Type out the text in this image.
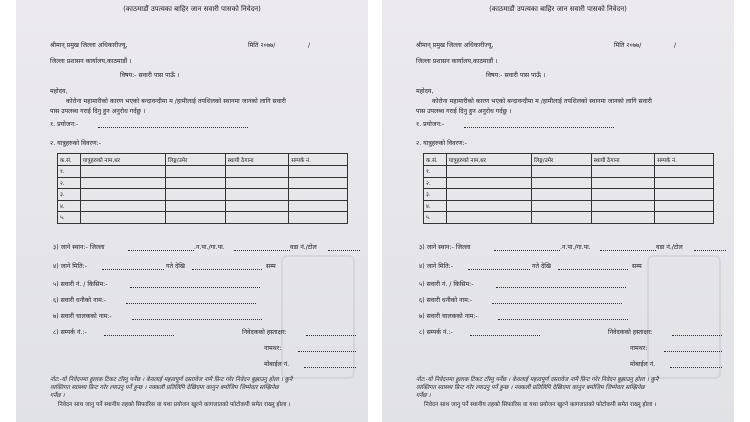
(काठमाडौं उपत्यका बाहिर जान सवारी पासको निवेदन)
श्रीमान् प्रमुख जिल्ला अधिकारीज्यू,	मिति २०७७/	/
जिल्ला प्रशासन कार्यालय,काठमाडौं ।
विषय:- सवारी पास पाऊँ ।
महोदय,
कोरोना महामारीको कारण भएको बन्दावन्दीमा म /हामीलाई तपशिलको स्थानमा जानको लागि सवारी
पास उपलब्ध गराई दिनु हुन अनुरोध गर्दछु ।
१. प्रयोजन:-
२. यात्रुहरुको विवरण:-
क.सं.	यात्रुहरुको नाम,थर	लिङ्ग/उमेर	स्थायी ठेगाना	सम्पर्क नं.
१.				
२.				
३.				
४.				
५.				
३) जाने स्थान:- जिल्ला	.न.पा./गा.पा.	वडा नं./टोल
४) जाने मिति:-	गते देखि	सम्म
५) सवारी नं. / किसिम:-
६) सवारी धनीको नाम:-
७) सवारी चालकको नाम:-
८) सम्पर्क नं.:-	निवेदकको हस्ताक्षर:
नामथर:
मोबाईल नं.
नोट:-यो निवेदनमा हुलाक टिकट टाँस्नु पर्नेछ । केवलाई महत्वपूर्ण दस्तावेज नामै प्रिन्ट गरेर निवेदन बुझाउनु होला । कुनै
व्यक्तिगत स्वास्थ्य प्रिन्ट गरेर ल्याउनु पर्ने हुन्छ । नक्कली प्रतिलिपि देखिएमा कानुन बमोजिम जिम्मेवार सम्झिनेछ
गर्नेछ ।
निवेदन साथ जानु पर्ने स्थानीय तहको सिफारिस वा यथा प्रयोजन खुल्ने कागजातको फोटोकपी समेत राख्नु होला ।
(काठमाडौं उपत्यका बाहिर जान सवारी पासको निवेदन)
श्रीमान् प्रमुख जिल्ला अधिकारीज्यू,	मिति २०७७/	/
जिल्ला प्रशासन कार्यालय,काठमाडौं ।
विषय:- सवारी पास पाऊँ ।
महोदय,
कोरोना महामारीको कारण भएको बन्दावन्दीमा म /हामीलाई तपशिलको स्थानमा जानको लागि सवारी
पास उपलब्ध गराई दिनु हुन अनुरोध गर्दछु ।
१. प्रयोजन:-
२. यात्रुहरुको विवरण:-
क.सं.	यात्रुहरुको नाम,थर	लिङ्ग/उमेर	स्थायी ठेगाना	सम्पर्क नं.
१.				
२.				
३.				
४.				
५.				
३) जाने स्थान:- जिल्ला	.न.पा./गा.पा.	वडा नं./टोल
४) जाने मिति:-	गते देखि	सम्म
५) सवारी नं. / किसिम:-
६) सवारी धनीको नाम:-
७) सवारी चालकको नाम:-
८) सम्पर्क नं.:-	निवेदकको हस्ताक्षर:
नामथर:
मोबाईल नं.
नोट:-यो निवेदनमा हुलाक टिकट टाँस्नु पर्नेछ । केवलाई महत्वपूर्ण दस्तावेज नामै प्रिन्ट गरेर निवेदन बुझाउनु होला । कुनै
व्यक्तिगत स्वास्थ्य प्रिन्ट गरेर ल्याउनु पर्ने हुन्छ । नक्कली प्रतिलिपि देखिएमा कानुन बमोजिम जिम्मेवार सम्झिनेछ
गर्नेछ ।
निवेदन साथ जानु पर्ने स्थानीय तहको सिफारिस वा यथा प्रयोजन खुल्ने कागजातको फोटोकपी समेत राख्नु होला ।
